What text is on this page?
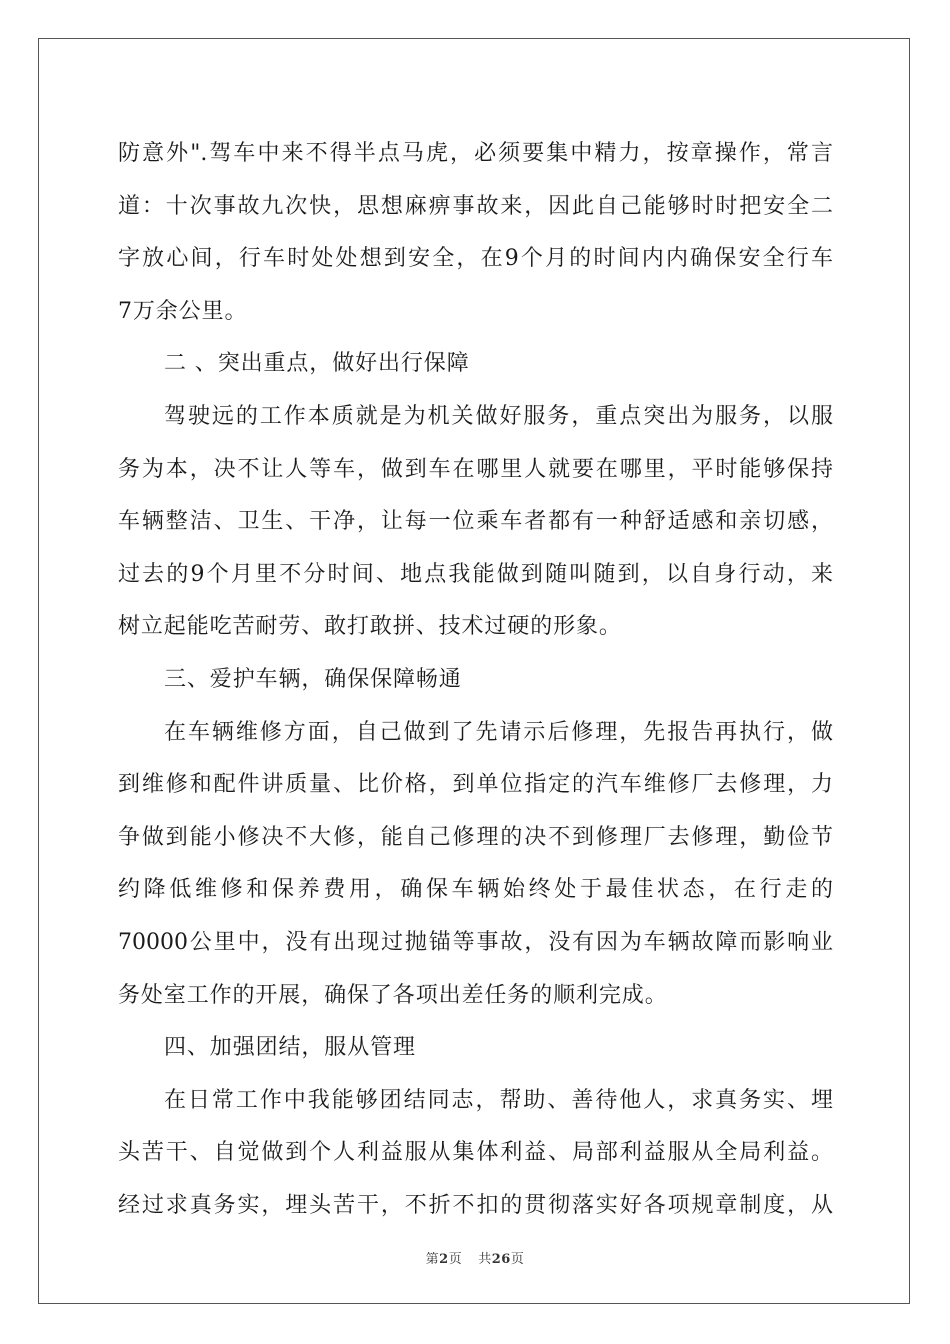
防意外".驾车中来不得半点马虎，必须要集中精力，按章操作，常言
道：十次事故九次快，思想麻痹事故来，因此自己能够时时把安全二
字放心间，行车时处处想到安全，在9个月的时间内内确保安全行车
7万余公里。
二 、突出重点，做好出行保障
驾驶远的工作本质就是为机关做好服务，重点突出为服务，以服
务为本，决不让人等车，做到车在哪里人就要在哪里，平时能够保持
车辆整洁、卫生、干净，让每一位乘车者都有一种舒适感和亲切感，
过去的9个月里不分时间、地点我能做到随叫随到，以自身行动，来
树立起能吃苦耐劳、敢打敢拼、技术过硬的形象。
三、爱护车辆，确保保障畅通
在车辆维修方面，自己做到了先请示后修理，先报告再执行，做
到维修和配件讲质量、比价格，到单位指定的汽车维修厂去修理，力
争做到能小修决不大修，能自己修理的决不到修理厂去修理，勤俭节
约降低维修和保养费用，确保车辆始终处于最佳状态，在行走的
70000公里中，没有出现过抛锚等事故，没有因为车辆故障而影响业
务处室工作的开展，确保了各项出差任务的顺利完成。
四、加强团结，服从管理
在日常工作中我能够团结同志，帮助、善待他人，求真务实、埋
头苦干、自觉做到个人利益服从集体利益、局部利益服从全局利益。
经过求真务实，埋头苦干，不折不扣的贯彻落实好各项规章制度，从
第2页 共26页
